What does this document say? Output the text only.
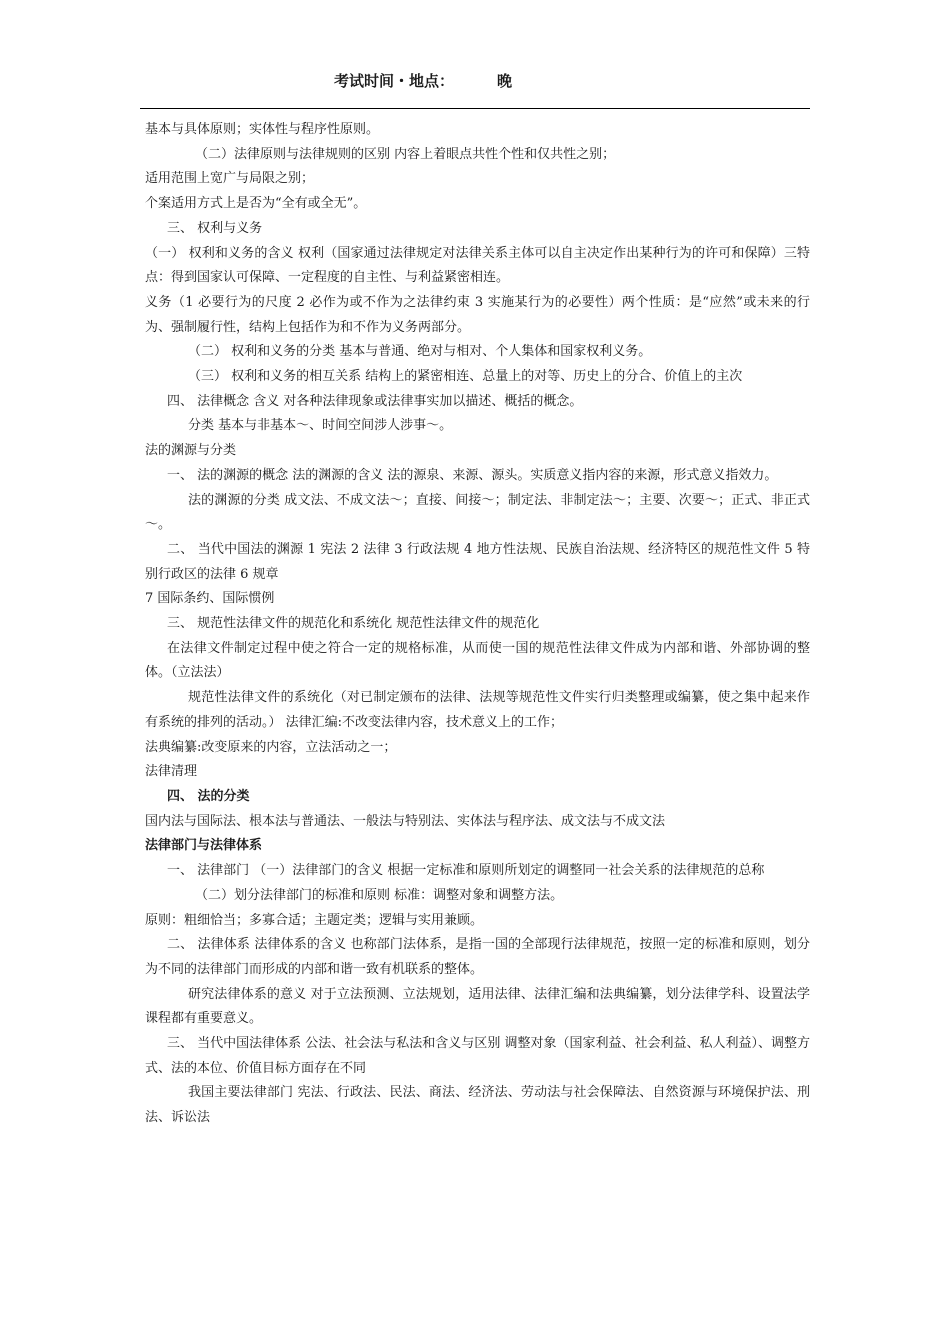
考试时间・地点：	晚
基本与具体原则；实体性与程序性原则。
（二）法律原则与法律规则的区别 内容上着眼点共性个性和仅共性之别；
适用范围上宽广与局限之别；
个案适用方式上是否为“全有或全无”。
三、 权利与义务
（一） 权利和义务的含义 权利（国家通过法律规定对法律关系主体可以自主决定作出某种行为的许可和保障）三特点：得到国家认可保障、一定程度的自主性、与利益紧密相连。
义务（1 必要行为的尺度 2 必作为或不作为之法律约束 3 实施某行为的必要性）两个性质：是“应然”或未来的行为、强制履行性，结构上包括作为和不作为义务两部分。
（二） 权利和义务的分类 基本与普通、绝对与相对、个人集体和国家权利义务。
（三） 权利和义务的相互关系 结构上的紧密相连、总量上的对等、历史上的分合、价值上的主次
四、 法律概念 含义 对各种法律现象或法律事实加以描述、概括的概念。
分类 基本与非基本～、时间空间涉人涉事～。
法的渊源与分类
一、 法的渊源的概念 法的渊源的含义 法的源泉、来源、源头。实质意义指内容的来源，形式意义指效力。
法的渊源的分类 成文法、不成文法～；直接、间接～；制定法、非制定法～；主要、次要～；正式、非正式～。
二、 当代中国法的渊源 1 宪法 2 法律 3 行政法规 4 地方性法规、民族自治法规、经济特区的规范性文件 5 特别行政区的法律 6 规章
7 国际条约、国际惯例
三、 规范性法律文件的规范化和系统化 规范性法律文件的规范化
在法律文件制定过程中使之符合一定的规格标准，从而使一国的规范性法律文件成为内部和谐、外部协调的整体。（立法法）
规范性法律文件的系统化（对已制定颁布的法律、法规等规范性文件实行归类整理或编纂，使之集中起来作有系统的排列的活动。） 法律汇编:不改变法律内容，技术意义上的工作；
法典编纂:改变原来的内容，立法活动之一；
法律清理
四、 法的分类
国内法与国际法、根本法与普通法、一般法与特别法、实体法与程序法、成文法与不成文法
法律部门与法律体系
一、 法律部门 （一）法律部门的含义 根据一定标准和原则所划定的调整同一社会关系的法律规范的总称
（二）划分法律部门的标准和原则 标准：调整对象和调整方法。
原则：粗细恰当；多寡合适；主题定类；逻辑与实用兼顾。
二、 法律体系 法律体系的含义 也称部门法体系，是指一国的全部现行法律规范，按照一定的标准和原则，划分为不同的法律部门而形成的内部和谐一致有机联系的整体。
研究法律体系的意义 对于立法预测、立法规划，适用法律、法律汇编和法典编纂，划分法律学科、设置法学课程都有重要意义。
三、 当代中国法律体系 公法、社会法与私法和含义与区别 调整对象（国家利益、社会利益、私人利益）、调整方式、法的本位、价值目标方面存在不同
我国主要法律部门 宪法、行政法、民法、商法、经济法、劳动法与社会保障法、自然资源与环境保护法、刑法、诉讼法
